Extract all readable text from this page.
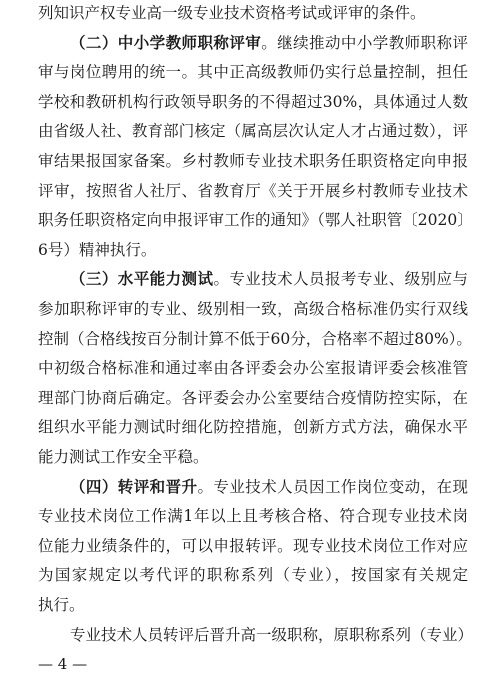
列知识产权专业高一级专业技术资格考试或评审的条件。
（二）中小学教师职称评审。继续推动中小学教师职称评
审与岗位聘用的统一。其中正高级教师仍实行总量控制，担任
学校和教研机构行政领导职务的不得超过30%，具体通过人数
由省级人社、教育部门核定（属高层次认定人才占通过数），评
审结果报国家备案。乡村教师专业技术职务任职资格定向申报
评审，按照省人社厅、省教育厅《关于开展乡村教师专业技术
职务任职资格定向申报评审工作的通知》（鄂人社职管〔2020〕
6号）精神执行。
（三）水平能力测试。专业技术人员报考专业、级别应与
参加职称评审的专业、级别相一致，高级合格标准仍实行双线
控制（合格线按百分制计算不低于60分，合格率不超过80%）。
中初级合格标准和通过率由各评委会办公室报请评委会核准管
理部门协商后确定。各评委会办公室要结合疫情防控实际，在
组织水平能力测试时细化防控措施，创新方式方法，确保水平
能力测试工作安全平稳。
（四）转评和晋升。专业技术人员因工作岗位变动，在现
专业技术岗位工作满1年以上且考核合格、符合现专业技术岗
位能力业绩条件的，可以申报转评。现专业技术岗位工作对应
为国家规定以考代评的职称系列（专业），按国家有关规定
执行。
专业技术人员转评后晋升高一级职称，原职称系列（专业）
— 4 —
